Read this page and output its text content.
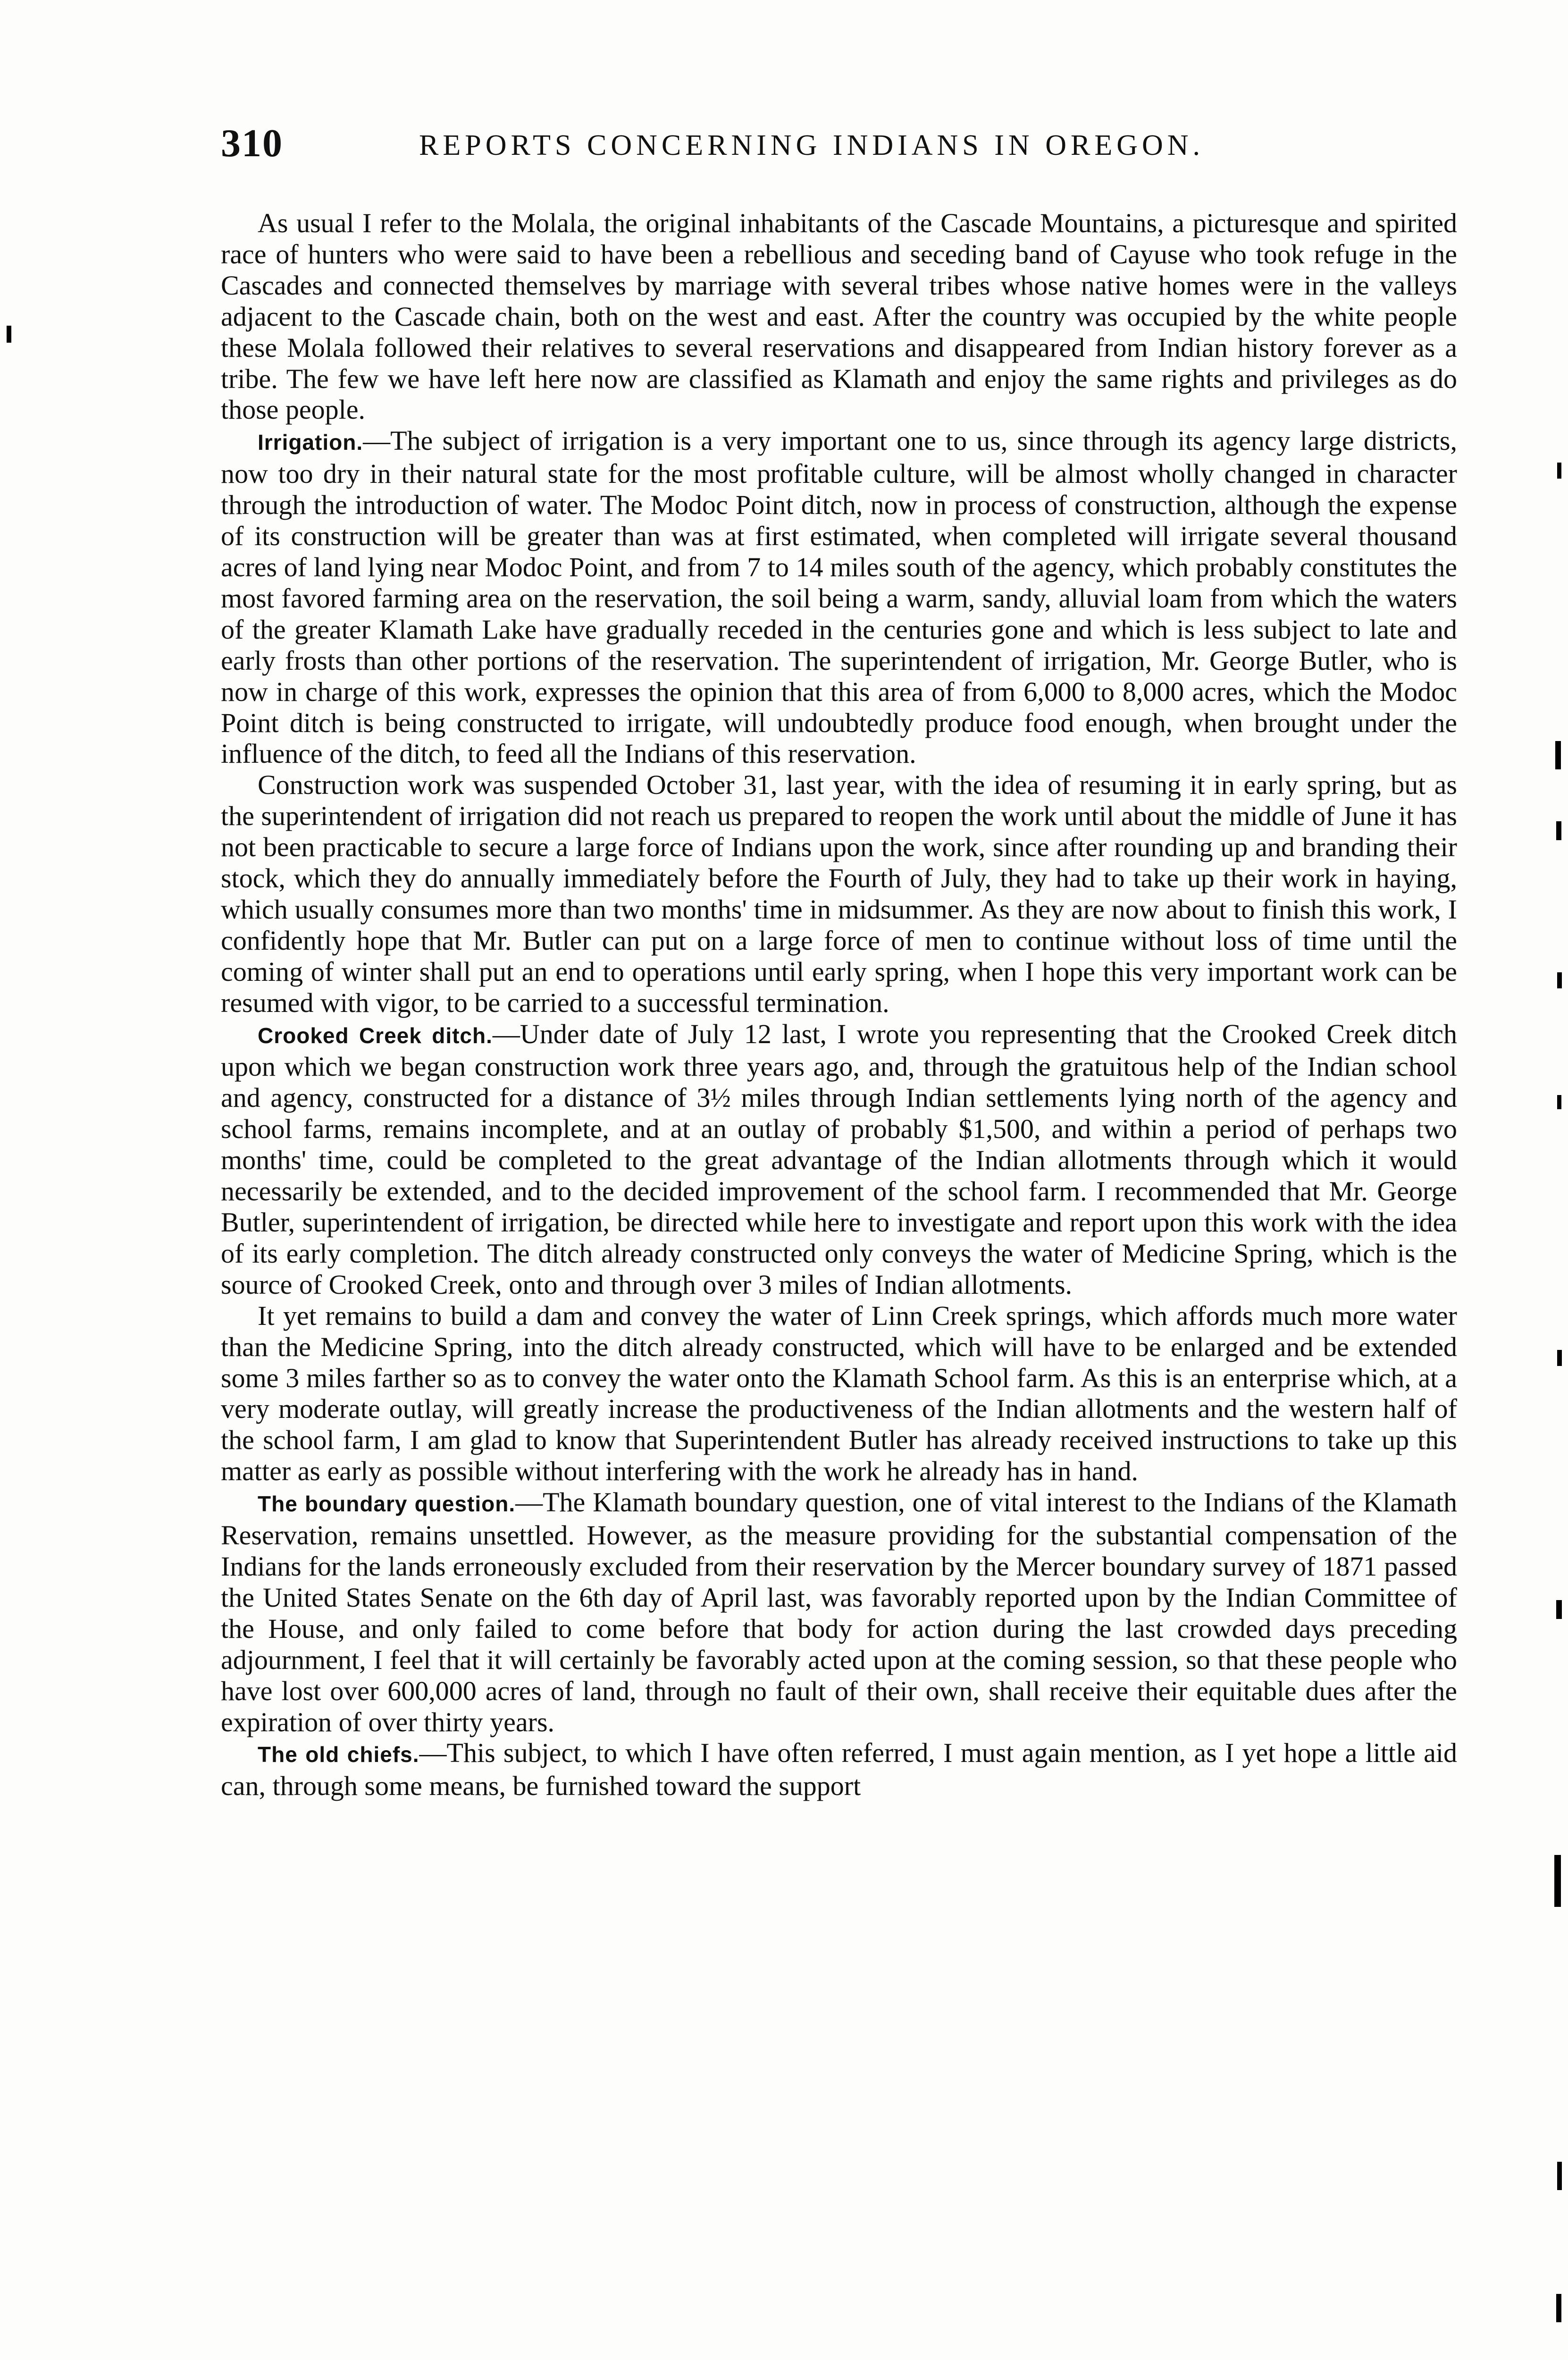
310	REPORTS CONCERNING INDIANS IN OREGON.

As usual I refer to the Molala, the original inhabitants of the Cascade Mountains, a picturesque and spirited race of hunters who were said to have been a rebellious and seceding band of Cayuse who took refuge in the Cascades and connected themselves by marriage with several tribes whose native homes were in the valleys adjacent to the Cascade chain, both on the west and east. After the country was occupied by the white people these Molala followed their relatives to several reservations and disappeared from Indian history forever as a tribe. The few we have left here now are classified as Klamath and enjoy the same rights and privileges as do those people.

Irrigation.—The subject of irrigation is a very important one to us, since through its agency large districts, now too dry in their natural state for the most profitable culture, will be almost wholly changed in character through the introduction of water. The Modoc Point ditch, now in process of construction, although the expense of its construction will be greater than was at first estimated, when completed will irrigate several thousand acres of land lying near Modoc Point, and from 7 to 14 miles south of the agency, which probably constitutes the most favored farming area on the reservation, the soil being a warm, sandy, alluvial loam from which the waters of the greater Klamath Lake have gradually receded in the centuries gone and which is less subject to late and early frosts than other portions of the reservation. The superintendent of irrigation, Mr. George Butler, who is now in charge of this work, expresses the opinion that this area of from 6,000 to 8,000 acres, which the Modoc Point ditch is being constructed to irrigate, will undoubtedly produce food enough, when brought under the influence of the ditch, to feed all the Indians of this reservation.

Construction work was suspended October 31, last year, with the idea of resuming it in early spring, but as the superintendent of irrigation did not reach us prepared to reopen the work until about the middle of June it has not been practicable to secure a large force of Indians upon the work, since after rounding up and branding their stock, which they do annually immediately before the Fourth of July, they had to take up their work in haying, which usually consumes more than two months' time in midsummer. As they are now about to finish this work, I confidently hope that Mr. Butler can put on a large force of men to continue without loss of time until the coming of winter shall put an end to operations until early spring, when I hope this very important work can be resumed with vigor, to be carried to a successful termination.

Crooked Creek ditch.—Under date of July 12 last, I wrote you representing that the Crooked Creek ditch upon which we began construction work three years ago, and, through the gratuitous help of the Indian school and agency, constructed for a distance of 3½ miles through Indian settlements lying north of the agency and school farms, remains incomplete, and at an outlay of probably $1,500, and within a period of perhaps two months' time, could be completed to the great advantage of the Indian allotments through which it would necessarily be extended, and to the decided improvement of the school farm. I recommended that Mr. George Butler, superintendent of irrigation, be directed while here to investigate and report upon this work with the idea of its early completion. The ditch already constructed only conveys the water of Medicine Spring, which is the source of Crooked Creek, onto and through over 3 miles of Indian allotments.

It yet remains to build a dam and convey the water of Linn Creek springs, which affords much more water than the Medicine Spring, into the ditch already constructed, which will have to be enlarged and be extended some 3 miles farther so as to convey the water onto the Klamath School farm. As this is an enterprise which, at a very moderate outlay, will greatly increase the productiveness of the Indian allotments and the western half of the school farm, I am glad to know that Superintendent Butler has already received instructions to take up this matter as early as possible without interfering with the work he already has in hand.

The boundary question.—The Klamath boundary question, one of vital interest to the Indians of the Klamath Reservation, remains unsettled. However, as the measure providing for the substantial compensation of the Indians for the lands erroneously excluded from their reservation by the Mercer boundary survey of 1871 passed the United States Senate on the 6th day of April last, was favorably reported upon by the Indian Committee of the House, and only failed to come before that body for action during the last crowded days preceding adjournment, I feel that it will certainly be favorably acted upon at the coming session, so that these people who have lost over 600,000 acres of land, through no fault of their own, shall receive their equitable dues after the expiration of over thirty years.

The old chiefs.—This subject, to which I have often referred, I must again mention, as I yet hope a little aid can, through some means, be furnished toward the support
